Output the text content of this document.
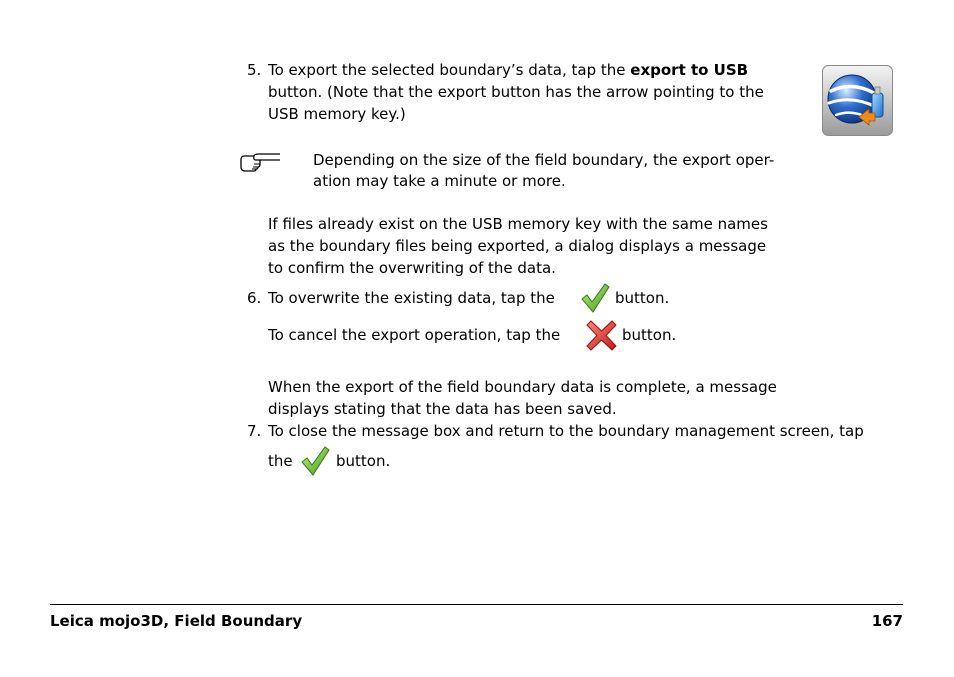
5. To export the selected boundary’s data, tap the export to USB
button. (Note that the export button has the arrow pointing to the
USB memory key.)
Depending on the size of the field boundary, the export oper-
ation may take a minute or more.
If files already exist on the USB memory key with the same names
as the boundary files being exported, a dialog displays a message
to confirm the overwriting of the data.
6. To overwrite the existing data, tap the	button.
To cancel the export operation, tap the	button.
When the export of the field boundary data is complete, a message
displays stating that the data has been saved.
7. To close the message box and return to the boundary management screen, tap
the	button.
Leica mojo3D, Field Boundary	167
